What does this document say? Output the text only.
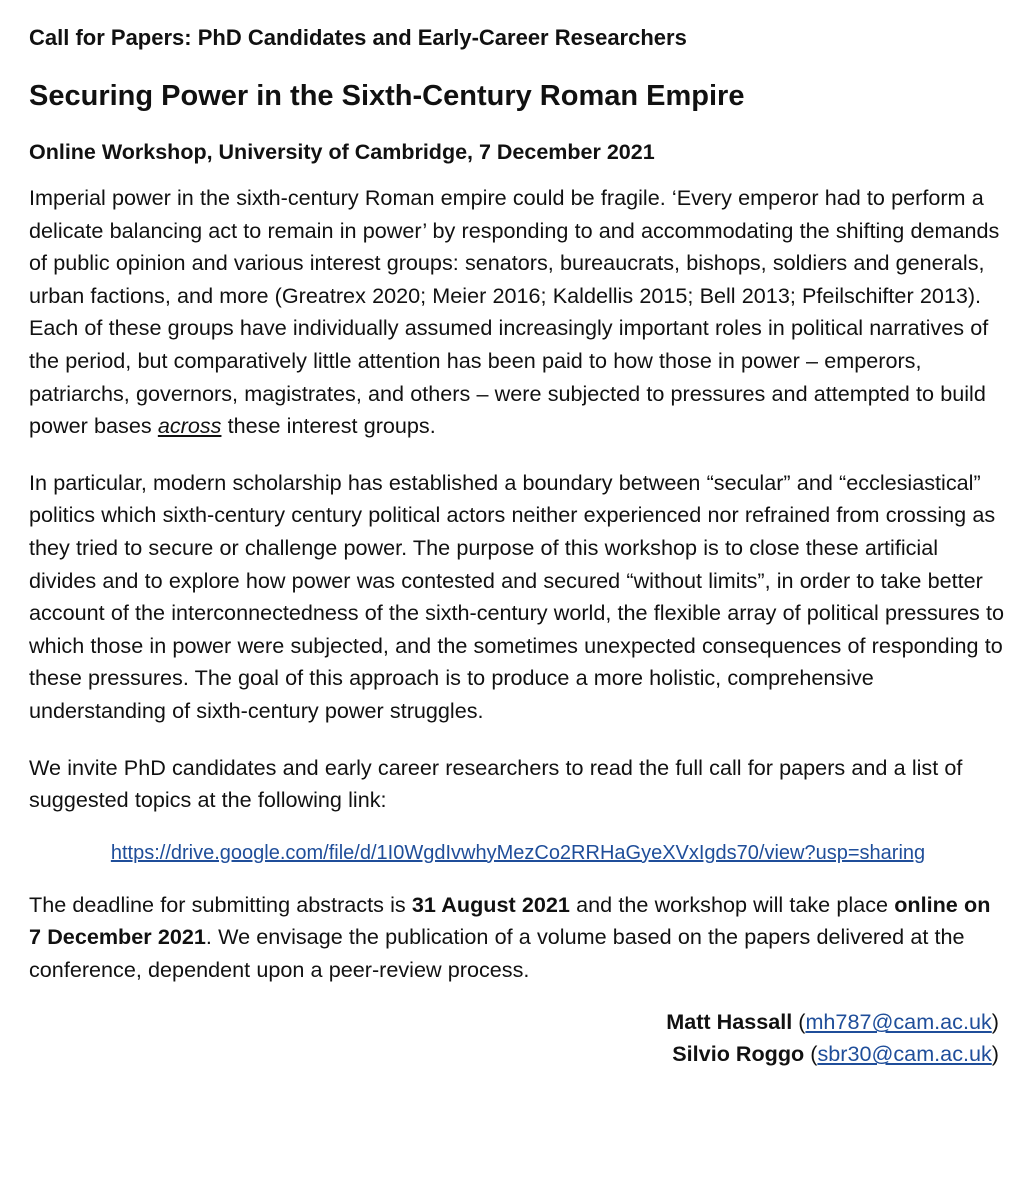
Call for Papers: PhD Candidates and Early-Career Researchers

Securing Power in the Sixth-Century Roman Empire

Online Workshop, University of Cambridge, 7 December 2021

Imperial power in the sixth-century Roman empire could be fragile. ‘Every emperor had to perform a delicate balancing act to remain in power’ by responding to and accommodating the shifting demands of public opinion and various interest groups: senators, bureaucrats, bishops, soldiers and generals, urban factions, and more (Greatrex 2020; Meier 2016; Kaldellis 2015; Bell 2013; Pfeilschifter 2013). Each of these groups have individually assumed increasingly important roles in political narratives of the period, but comparatively little attention has been paid to how those in power – emperors, patriarchs, governors, magistrates, and others – were subjected to pressures and attempted to build power bases across these interest groups.

In particular, modern scholarship has established a boundary between “secular” and “ecclesiastical” politics which sixth-century century political actors neither experienced nor refrained from crossing as they tried to secure or challenge power. The purpose of this workshop is to close these artificial divides and to explore how power was contested and secured “without limits”, in order to take better account of the interconnectedness of the sixth-century world, the flexible array of political pressures to which those in power were subjected, and the sometimes unexpected consequences of responding to these pressures. The goal of this approach is to produce a more holistic, comprehensive understanding of sixth-century power struggles.

We invite PhD candidates and early career researchers to read the full call for papers and a list of suggested topics at the following link:

https://drive.google.com/file/d/1I0WgdIvwhyMezCo2RRHaGyeXVxIgds70/view?usp=sharing

The deadline for submitting abstracts is 31 August 2021 and the workshop will take place online on 7 December 2021. We envisage the publication of a volume based on the papers delivered at the conference, dependent upon a peer-review process.

Matt Hassall (mh787@cam.ac.uk)
Silvio Roggo (sbr30@cam.ac.uk)
